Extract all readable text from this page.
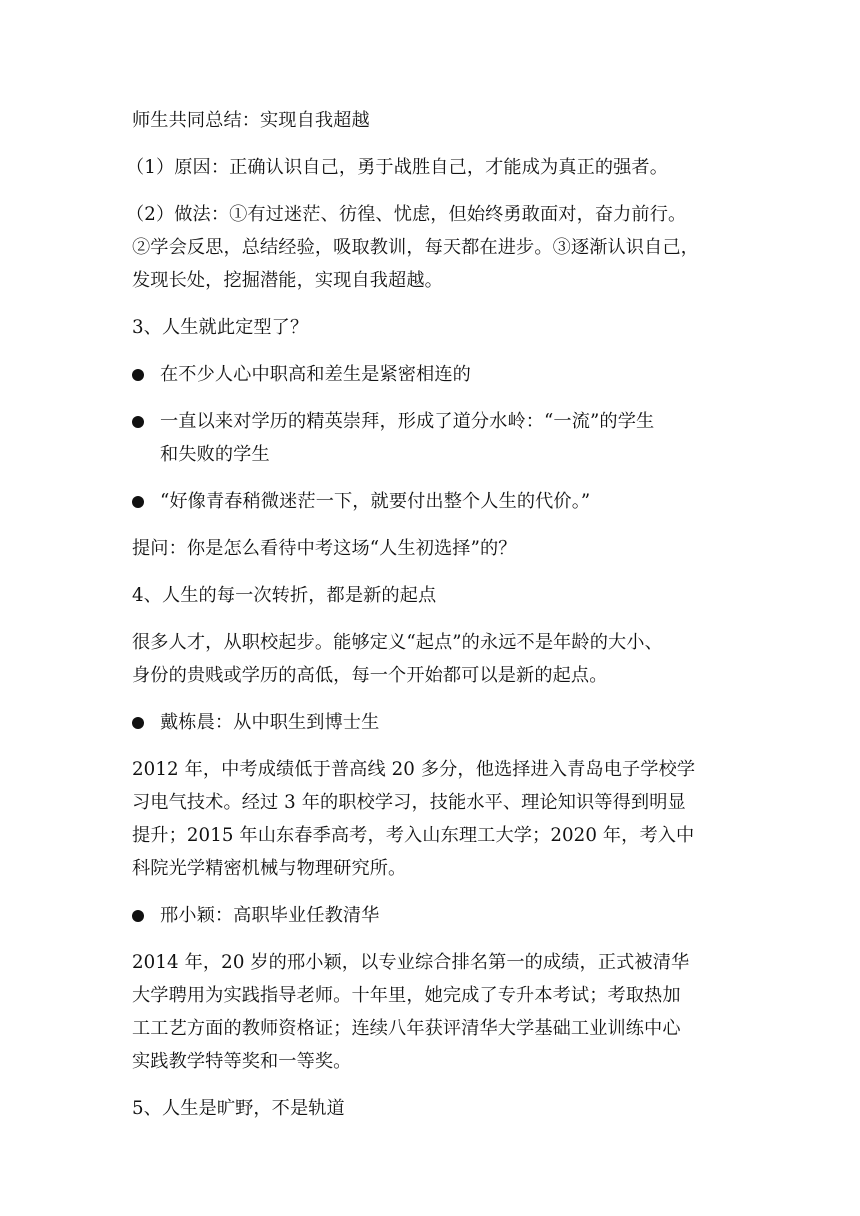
师生共同总结：实现自我超越
（1）原因：正确认识自己，勇于战胜自己，才能成为真正的强者。
（2）做法：①有过迷茫、彷徨、忧虑，但始终勇敢面对，奋力前行。
②学会反思，总结经验，吸取教训，每天都在进步。③逐渐认识自己，
发现长处，挖掘潜能，实现自我超越。
3、人生就此定型了？
在不少人心中职高和差生是紧密相连的
一直以来对学历的精英崇拜，形成了道分水岭：“一流”的学生
和失败的学生
“好像青春稍微迷茫一下，就要付出整个人生的代价。”
提问：你是怎么看待中考这场“人生初选择”的？
4、人生的每一次转折，都是新的起点
很多人才，从职校起步。能够定义“起点”的永远不是年龄的大小、
身份的贵贱或学历的高低，每一个开始都可以是新的起点。
戴栋晨：从中职生到博士生
2012 年，中考成绩低于普高线 20 多分，他选择进入青岛电子学校学
习电气技术。经过 3 年的职校学习，技能水平、理论知识等得到明显
提升；2015 年山东春季高考，考入山东理工大学；2020 年，考入中
科院光学精密机械与物理研究所。
邢小颖：高职毕业任教清华
2014 年，20 岁的邢小颖，以专业综合排名第一的成绩，正式被清华
大学聘用为实践指导老师。十年里，她完成了专升本考试；考取热加
工工艺方面的教师资格证；连续八年获评清华大学基础工业训练中心
实践教学特等奖和一等奖。
5、人生是旷野，不是轨道
